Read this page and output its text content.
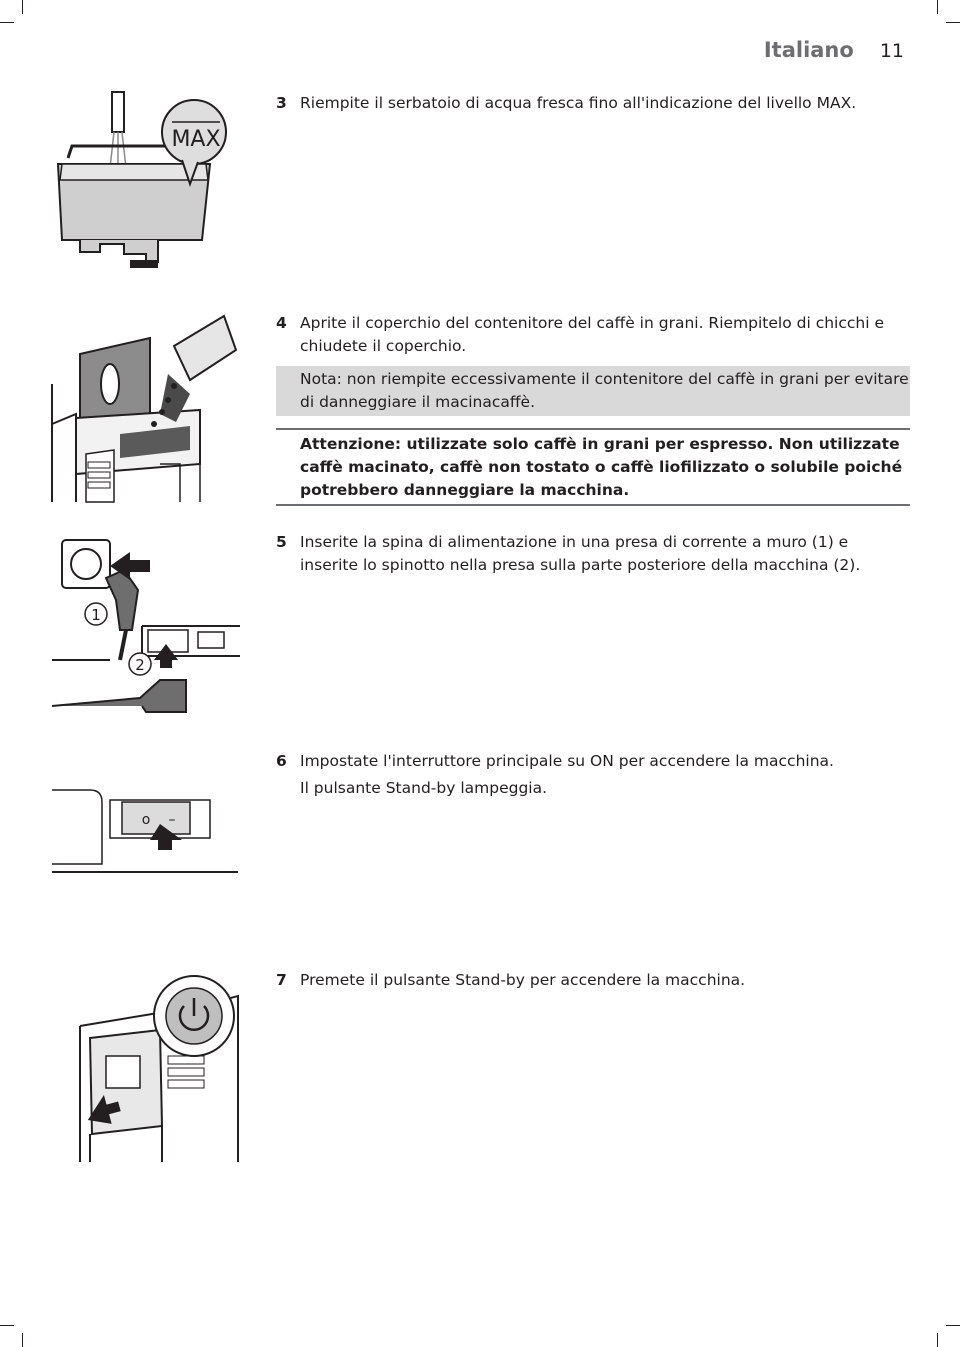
Italiano 11
3 Riempite il serbatoio di acqua fresca fino all'indicazione del livello MAX.
4 Aprite il coperchio del contenitore del caffè in grani. Riempitelo di chicchi e chiudete il coperchio.
Nota: non riempite eccessivamente il contenitore del caffè in grani per evitare di danneggiare il macinacaffè.
Attenzione: utilizzate solo caffè in grani per espresso. Non utilizzate caffè macinato, caffè non tostato o caffè liofilizzato o solubile poiché potrebbero danneggiare la macchina.
5 Inserite la spina di alimentazione in una presa di corrente a muro (1) e inserite lo spinotto nella presa sulla parte posteriore della macchina (2).
6 Impostate l'interruttore principale su ON per accendere la macchina.
Il pulsante Stand-by lampeggia.
7 Premete il pulsante Stand-by per accendere la macchina.
MAX
1
2
o –
